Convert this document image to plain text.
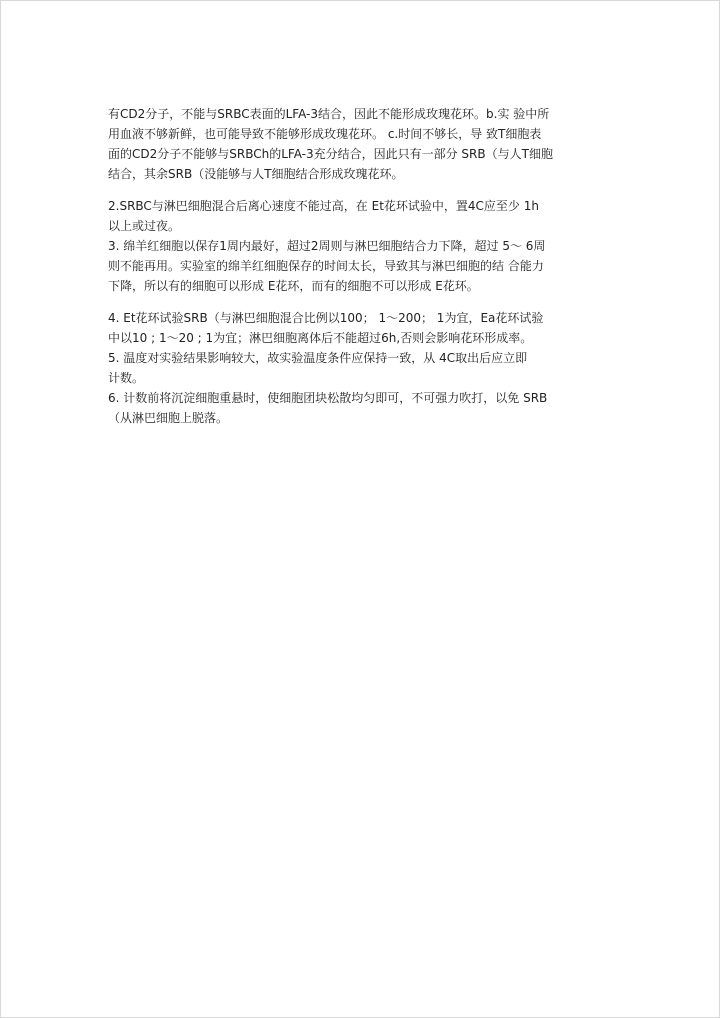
有CD2分子，不能与SRBC表面的LFA-3结合，因此不能形成玫瑰花环。b.实 验中所
用血液不够新鲜，也可能导致不能够形成玫瑰花环。 c.时间不够长，导 致T细胞表
面的CD2分子不能够与SRBCh的LFA-3充分结合，因此只有一部分 SRB（与人T细胞
结合，其余SRB（没能够与人T细胞结合形成玫瑰花环。

2.SRBC与淋巴细胞混合后离心速度不能过高，在 Et花环试验中，置4C应至少 1h
以上或过夜。
3. 绵羊红细胞以保存1周内最好，超过2周则与淋巴细胞结合力下降，超过 5～ 6周
则不能再用。实验室的绵羊红细胞保存的时间太长，导致其与淋巴细胞的结 合能力
下降，所以有的细胞可以形成 E花环，而有的细胞不可以形成 E花环。

4. Et花环试验SRB（与淋巴细胞混合比例以100； 1～200； 1为宜，Ea花环试验
中以10 ; 1～20 ; 1为宜；淋巴细胞离体后不能超过6h,否则会影响花环形成率。
5. 温度对实验结果影响较大，故实验温度条件应保持一致，从 4C取出后应立即
计数。
6. 计数前将沉淀细胞重悬时，使细胞团块松散均匀即可，不可强力吹打，以免 SRB
（从淋巴细胞上脱落。
